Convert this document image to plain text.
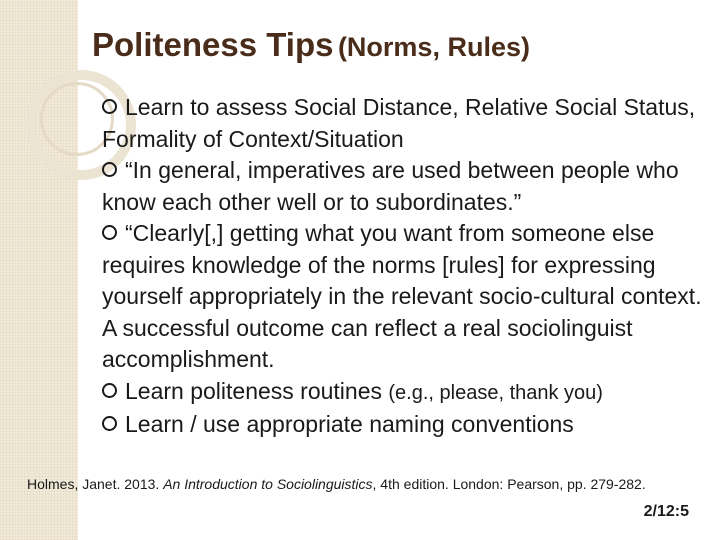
Politeness Tips (Norms, Rules)
Learn to assess Social Distance, Relative Social Status, Formality of Context/Situation
“In general, imperatives are used between people who know each other well or to subordinates.”
“Clearly[,] getting what you want from someone else requires knowledge of the norms [rules] for expressing yourself appropriately in the relevant socio-cultural context. A successful outcome can reflect a real sociolinguist accomplishment.
Learn politeness routines (e.g., please, thank you)
Learn / use appropriate naming conventions
Holmes, Janet. 2013. An Introduction to Sociolinguistics, 4th edition. London: Pearson, pp. 279-282.
2/12:5
